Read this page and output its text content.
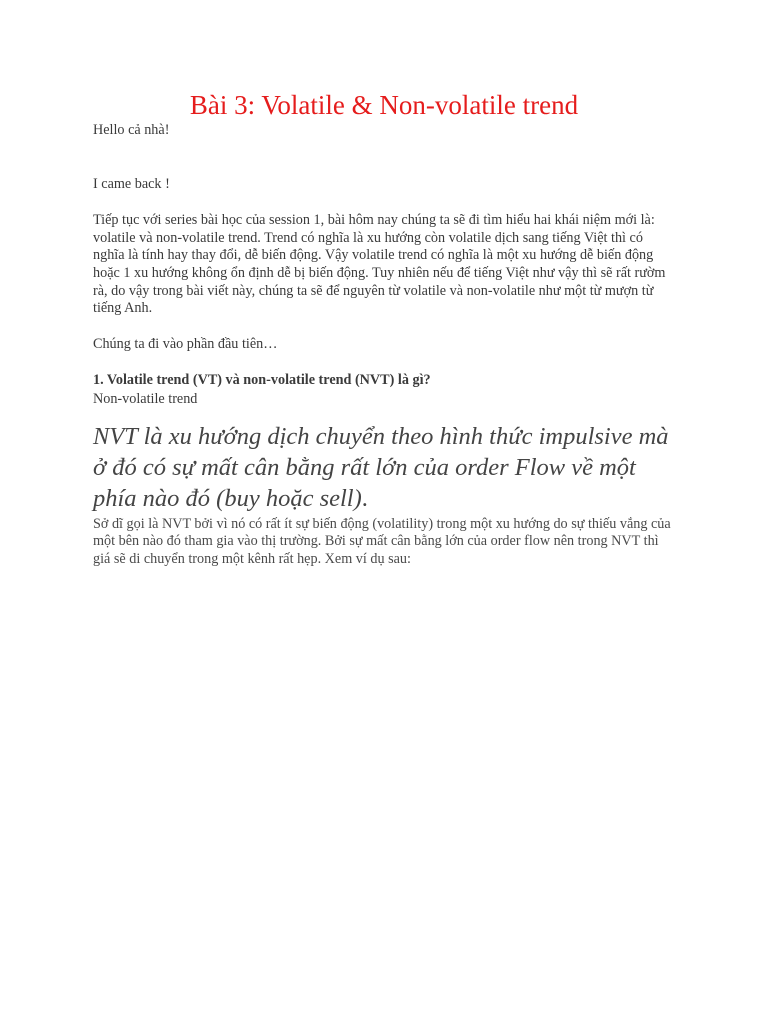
Bài 3: Volatile & Non-volatile trend

Hello cả nhà!

I came back !

Tiếp tục với series bài học của session 1, bài hôm nay chúng ta sẽ đi tìm hiểu hai khái niệm mới là: volatile và non-volatile trend. Trend có nghĩa là xu hướng còn volatile dịch sang tiếng Việt thì có nghĩa là tính hay thay đổi, dễ biến động. Vậy volatile trend có nghĩa là một xu hướng dễ biến động hoặc 1 xu hướng không ổn định dễ bị biến động. Tuy nhiên nếu để tiếng Việt như vậy thì sẽ rất rườm rà, do vậy trong bài viết này, chúng ta sẽ để nguyên từ volatile và non-volatile như một từ mượn từ tiếng Anh.

Chúng ta đi vào phần đầu tiên…

1. Volatile trend (VT) và non-volatile trend (NVT) là gì?

Non-volatile trend

NVT là xu hướng dịch chuyển theo hình thức impulsive mà ở đó có sự mất cân bằng rất lớn của order Flow về một phía nào đó (buy hoặc sell).

Sở dĩ gọi là NVT bởi vì nó có rất ít sự biến động (volatility) trong một xu hướng do sự thiếu vắng của một bên nào đó tham gia vào thị trường. Bởi sự mất cân bằng lớn của order flow nên trong NVT thì giá sẽ di chuyển trong một kênh rất hẹp. Xem ví dụ sau:
